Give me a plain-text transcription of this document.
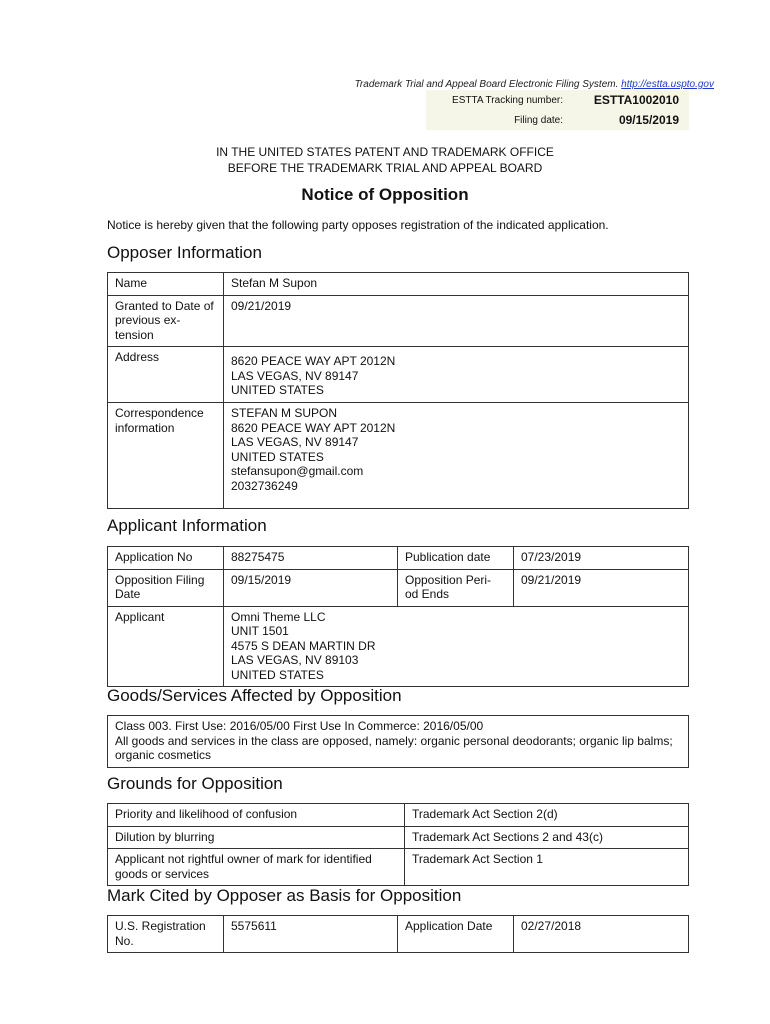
Trademark Trial and Appeal Board Electronic Filing System. http://estta.uspto.gov
ESTTA Tracking number:	ESTTA1002010
Filing date:	09/15/2019
IN THE UNITED STATES PATENT AND TRADEMARK OFFICE
BEFORE THE TRADEMARK TRIAL AND APPEAL BOARD
Notice of Opposition
Notice is hereby given that the following party opposes registration of the indicated application.
Opposer Information
Name	Stefan M Supon
Granted to Date of previous ex- tension	09/21/2019
Address	8620 PEACE WAY APT 2012N
LAS VEGAS, NV 89147
UNITED STATES
Correspondence information	STEFAN M SUPON
8620 PEACE WAY APT 2012N
LAS VEGAS, NV 89147
UNITED STATES
stefansupon@gmail.com
2032736249
Applicant Information
Application No	88275475	Publication date	07/23/2019
Opposition Filing Date	09/15/2019	Opposition Peri- od Ends	09/21/2019
Applicant	Omni Theme LLC
UNIT 1501
4575 S DEAN MARTIN DR
LAS VEGAS, NV 89103
UNITED STATES		
Goods/Services Affected by Opposition
Class 003. First Use: 2016/05/00 First Use In Commerce: 2016/05/00
All goods and services in the class are opposed, namely: organic personal deodorants; organic lip balms; organic cosmetics
Grounds for Opposition
Priority and likelihood of confusion	Trademark Act Section 2(d)
Dilution by blurring	Trademark Act Sections 2 and 43(c)
Applicant not rightful owner of mark for identified goods or services	Trademark Act Section 1
Mark Cited by Opposer as Basis for Opposition
U.S. Registration No.	5575611	Application Date	02/27/2018
